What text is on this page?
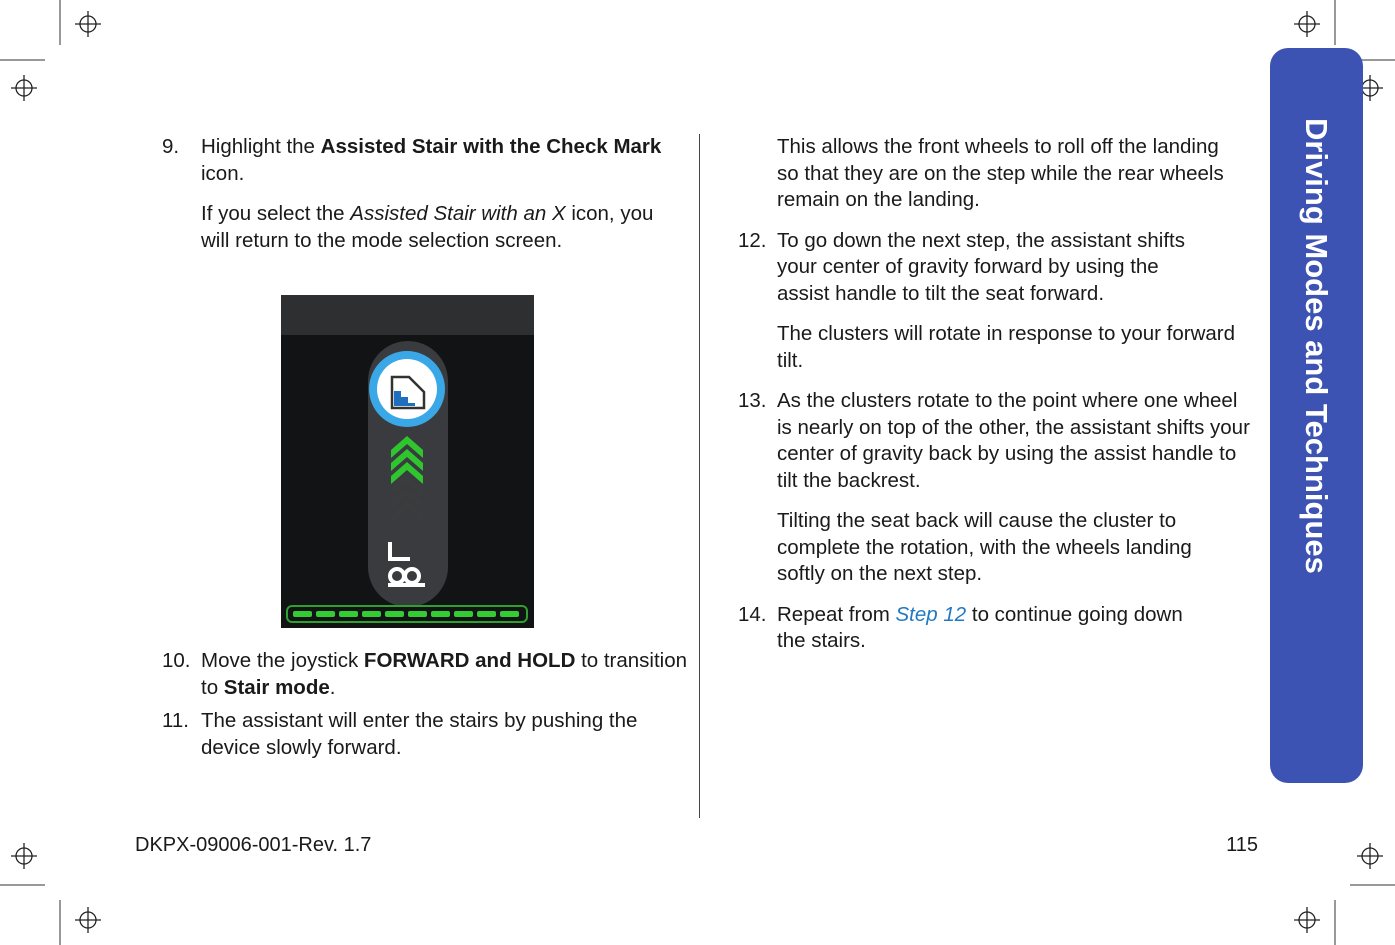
Driving Modes and Techniques

9. Highlight the Assisted Stair with the Check Mark icon.

If you select the Assisted Stair with an X icon, you will return to the mode selection screen.

10. Move the joystick FORWARD and HOLD to transition to Stair mode.

11. The assistant will enter the stairs by pushing the device slowly forward.

This allows the front wheels to roll off the landing so that they are on the step while the rear wheels remain on the landing.

12. To go down the next step, the assistant shifts your center of gravity forward by using the assist handle to tilt the seat forward.

The clusters will rotate in response to your forward tilt.

13. As the clusters rotate to the point where one wheel is nearly on top of the other, the assistant shifts your center of gravity back by using the assist handle to tilt the backrest.

Tilting the seat back will cause the cluster to complete the rotation, with the wheels landing softly on the next step.

14. Repeat from Step 12 to continue going down the stairs.

DKPX-09006-001-Rev. 1.7	115
